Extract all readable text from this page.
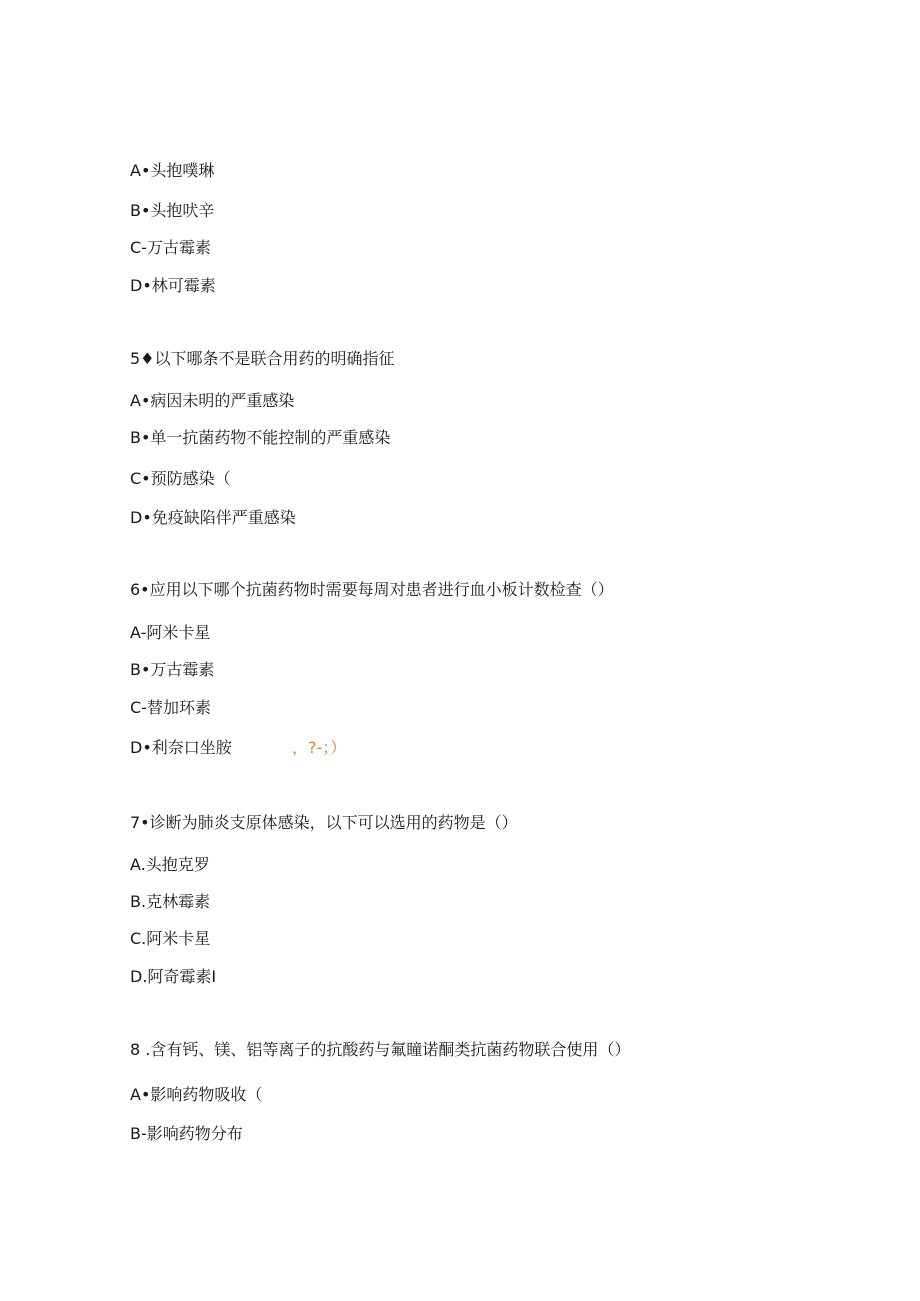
A•头抱噗琳
B•头抱吠辛
C-万古霉素
D•林可霉素
5♦以下哪条不是联合用药的明确指征
A•病因未明的严重感染
B•单一抗菌药物不能控制的严重感染
C•预防感染（
D•免疫缺陷伴严重感染
6•应用以下哪个抗菌药物时需要每周对患者进行血小板计数检查（）
A-阿米卡星
B•万古霉素
C-替加环素
D•利奈口坐胺	，?-；）
7•诊断为肺炎支原体感染，以下可以选用的药物是（）
A.头抱克罗
B.克林霉素
C.阿米卡星
D.阿奇霉素I
8	.含有钙、镁、铝等离子的抗酸药与氟瞳诺酮类抗菌药物联合使用（）
A•影响药物吸收（
B-影响药物分布
